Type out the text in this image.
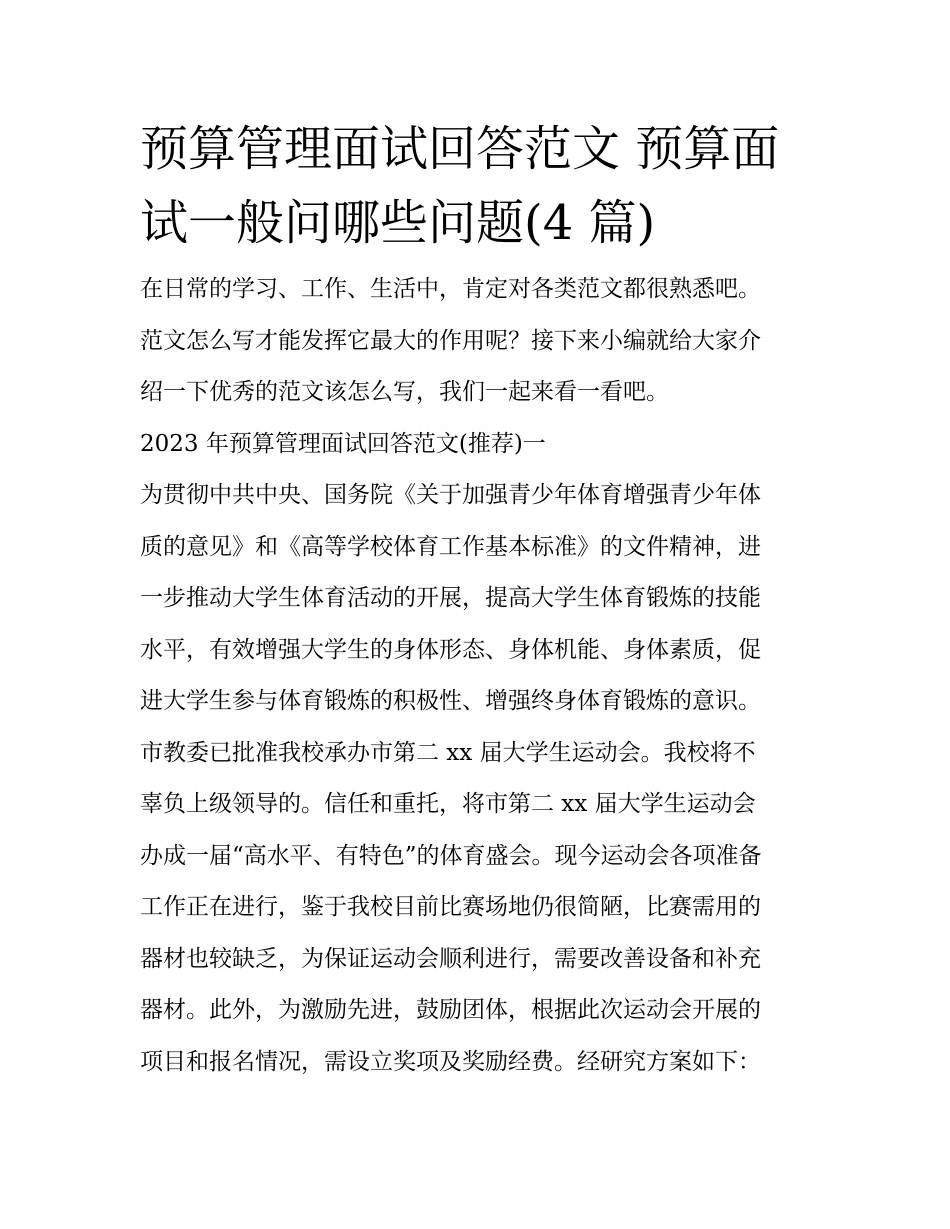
预算管理面试回答范文 预算面
试一般问哪些问题(4 篇)

在日常的学习、工作、生活中，肯定对各类范文都很熟悉吧。

范文怎么写才能发挥它最大的作用呢？接下来小编就给大家介

绍一下优秀的范文该怎么写，我们一起来看一看吧。

2023 年预算管理面试回答范文(推荐)一

为贯彻中共中央、国务院《关于加强青少年体育增强青少年体

质的意见》和《高等学校体育工作基本标准》的文件精神，进

一步推动大学生体育活动的开展，提高大学生体育锻炼的技能

水平，有效增强大学生的身体形态、身体机能、身体素质，促

进大学生参与体育锻炼的积极性、增强终身体育锻炼的意识。

市教委已批准我校承办市第二 xx 届大学生运动会。我校将不

辜负上级领导的。信任和重托，将市第二 xx 届大学生运动会

办成一届“高水平、有特色”的体育盛会。现今运动会各项准备

工作正在进行，鉴于我校目前比赛场地仍很简陋，比赛需用的

器材也较缺乏，为保证运动会顺利进行，需要改善设备和补充

器材。此外，为激励先进，鼓励团体，根据此次运动会开展的

项目和报名情况，需设立奖项及奖励经费。经研究方案如下：
